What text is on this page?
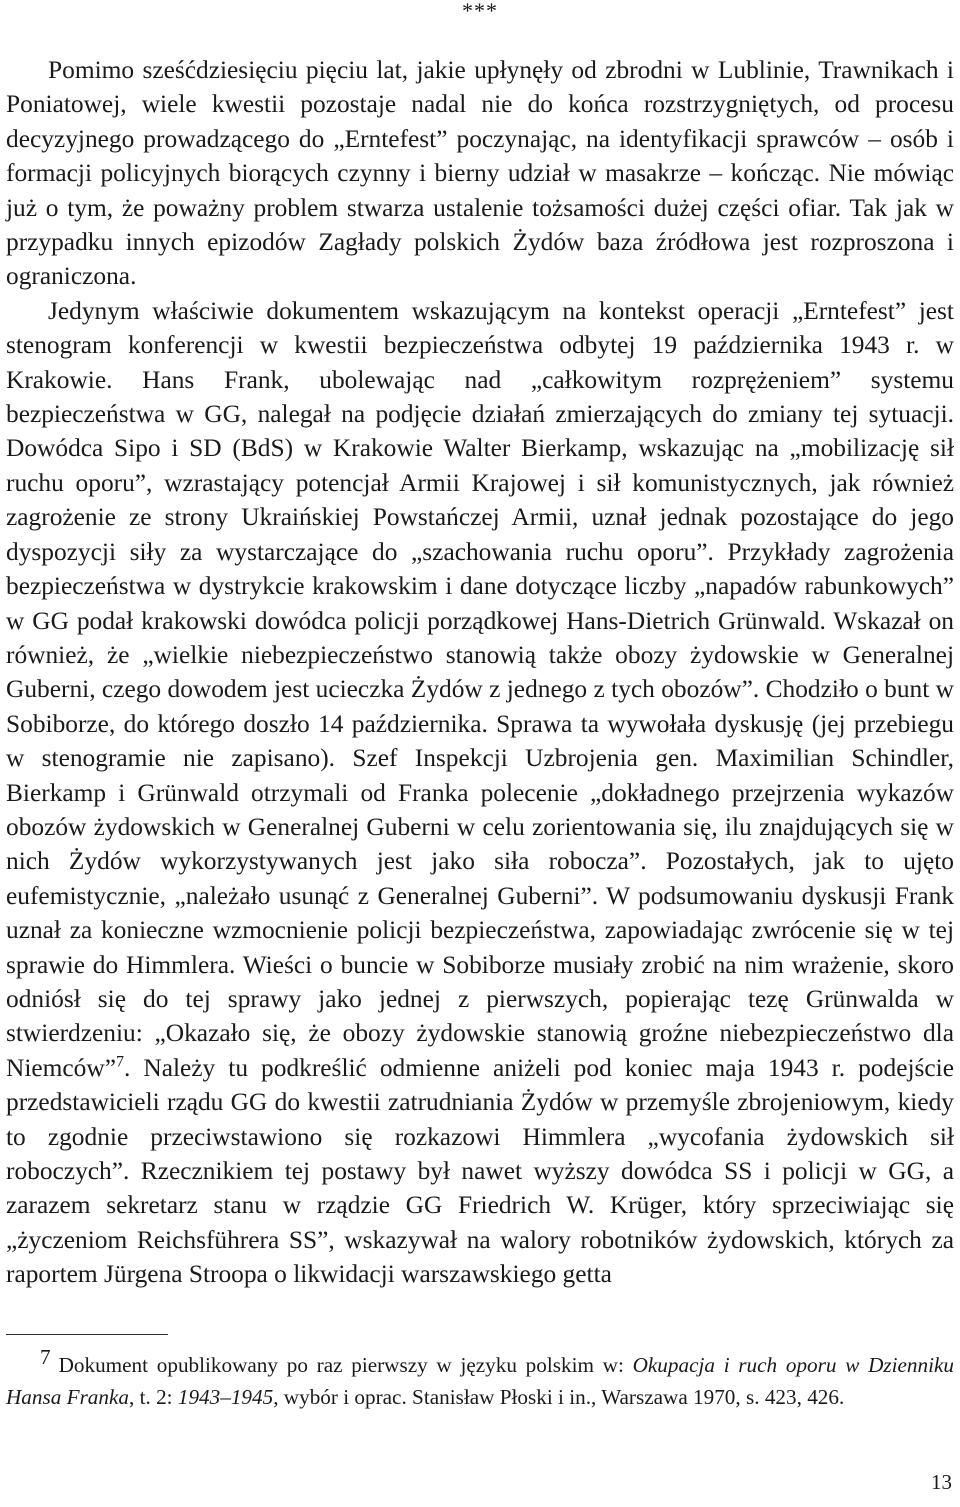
***

Pomimo sześćdziesięciu pięciu lat, jakie upłynęły od zbrodni w Lublinie, Trawnikach i Poniatowej, wiele kwestii pozostaje nadal nie do końca rozstrzygniętych, od procesu decyzyjnego prowadzącego do „Erntefest” poczynając, na identyfikacji sprawców – osób i formacji policyjnych biorących czynny i bierny udział w masakrze – kończąc. Nie mówiąc już o tym, że poważny problem stwarza ustalenie tożsamości dużej części ofiar. Tak jak w przypadku innych epizodów Zagłady polskich Żydów baza źródłowa jest rozproszona i ograniczona.

Jedynym właściwie dokumentem wskazującym na kontekst operacji „Erntefest” jest stenogram konferencji w kwestii bezpieczeństwa odbytej 19 października 1943 r. w Krakowie. Hans Frank, ubolewając nad „całkowitym rozprężeniem” systemu bezpieczeństwa w GG, nalegał na podjęcie działań zmierzających do zmiany tej sytuacji. Dowódca Sipo i SD (BdS) w Krakowie Walter Bierkamp, wskazując na „mobilizację sił ruchu oporu”, wzrastający potencjał Armii Krajowej i sił komunistycznych, jak również zagrożenie ze strony Ukraińskiej Powstańczej Armii, uznał jednak pozostające do jego dyspozycji siły za wystarczające do „szachowania ruchu oporu”. Przykłady zagrożenia bezpieczeństwa w dystrykcie krakowskim i dane dotyczące liczby „napadów rabunkowych” w GG podał krakowski dowódca policji porządkowej Hans-Dietrich Grünwald. Wskazał on również, że „wielkie niebezpieczeństwo stanowią także obozy żydowskie w Generalnej Guberni, czego dowodem jest ucieczka Żydów z jednego z tych obozów”. Chodziło o bunt w Sobiborze, do którego doszło 14 października. Sprawa ta wywołała dyskusję (jej przebiegu w stenogramie nie zapisano). Szef Inspekcji Uzbrojenia gen. Maximilian Schindler, Bierkamp i Grünwald otrzymali od Franka polecenie „dokładnego przejrzenia wykazów obozów żydowskich w Generalnej Guberni w celu zorientowania się, ilu znajdujących się w nich Żydów wykorzystywanych jest jako siła robocza”. Pozostałych, jak to ujęto eufemistycznie, „należało usunąć z Generalnej Guberni”. W podsumowaniu dyskusji Frank uznał za konieczne wzmocnienie policji bezpieczeństwa, zapowiadając zwrócenie się w tej sprawie do Himmlera. Wieści o buncie w Sobiborze musiały zrobić na nim wrażenie, skoro odniósł się do tej sprawy jako jednej z pierwszych, popierając tezę Grünwalda w stwierdzeniu: „Okazało się, że obozy żydowskie stanowią groźne niebezpieczeństwo dla Niemców”$^7$. Należy tu podkreślić odmienne aniżeli pod koniec maja 1943 r. podejście przedstawicieli rządu GG do kwestii zatrudniania Żydów w przemyśle zbrojeniowym, kiedy to zgodnie przeciwstawiono się rozkazowi Himmlera „wycofania żydowskich sił roboczych”. Rzecznikiem tej postawy był nawet wyższy dowódca SS i policji w GG, a zarazem sekretarz stanu w rządzie GG Friedrich W. Krüger, który sprzeciwiając się „życzeniom Reichsführera SS”, wskazywał na walory robotników żydowskich, których za raportem Jürgena Stroopa o likwidacji warszawskiego getta

$^7$ Dokument opublikowany po raz pierwszy w języku polskim w: Okupacja i ruch oporu w Dzienniku Hansa Franka, t. 2: 1943–1945, wybór i oprac. Stanisław Płoski i in., Warszawa 1970, s. 423, 426.

13
